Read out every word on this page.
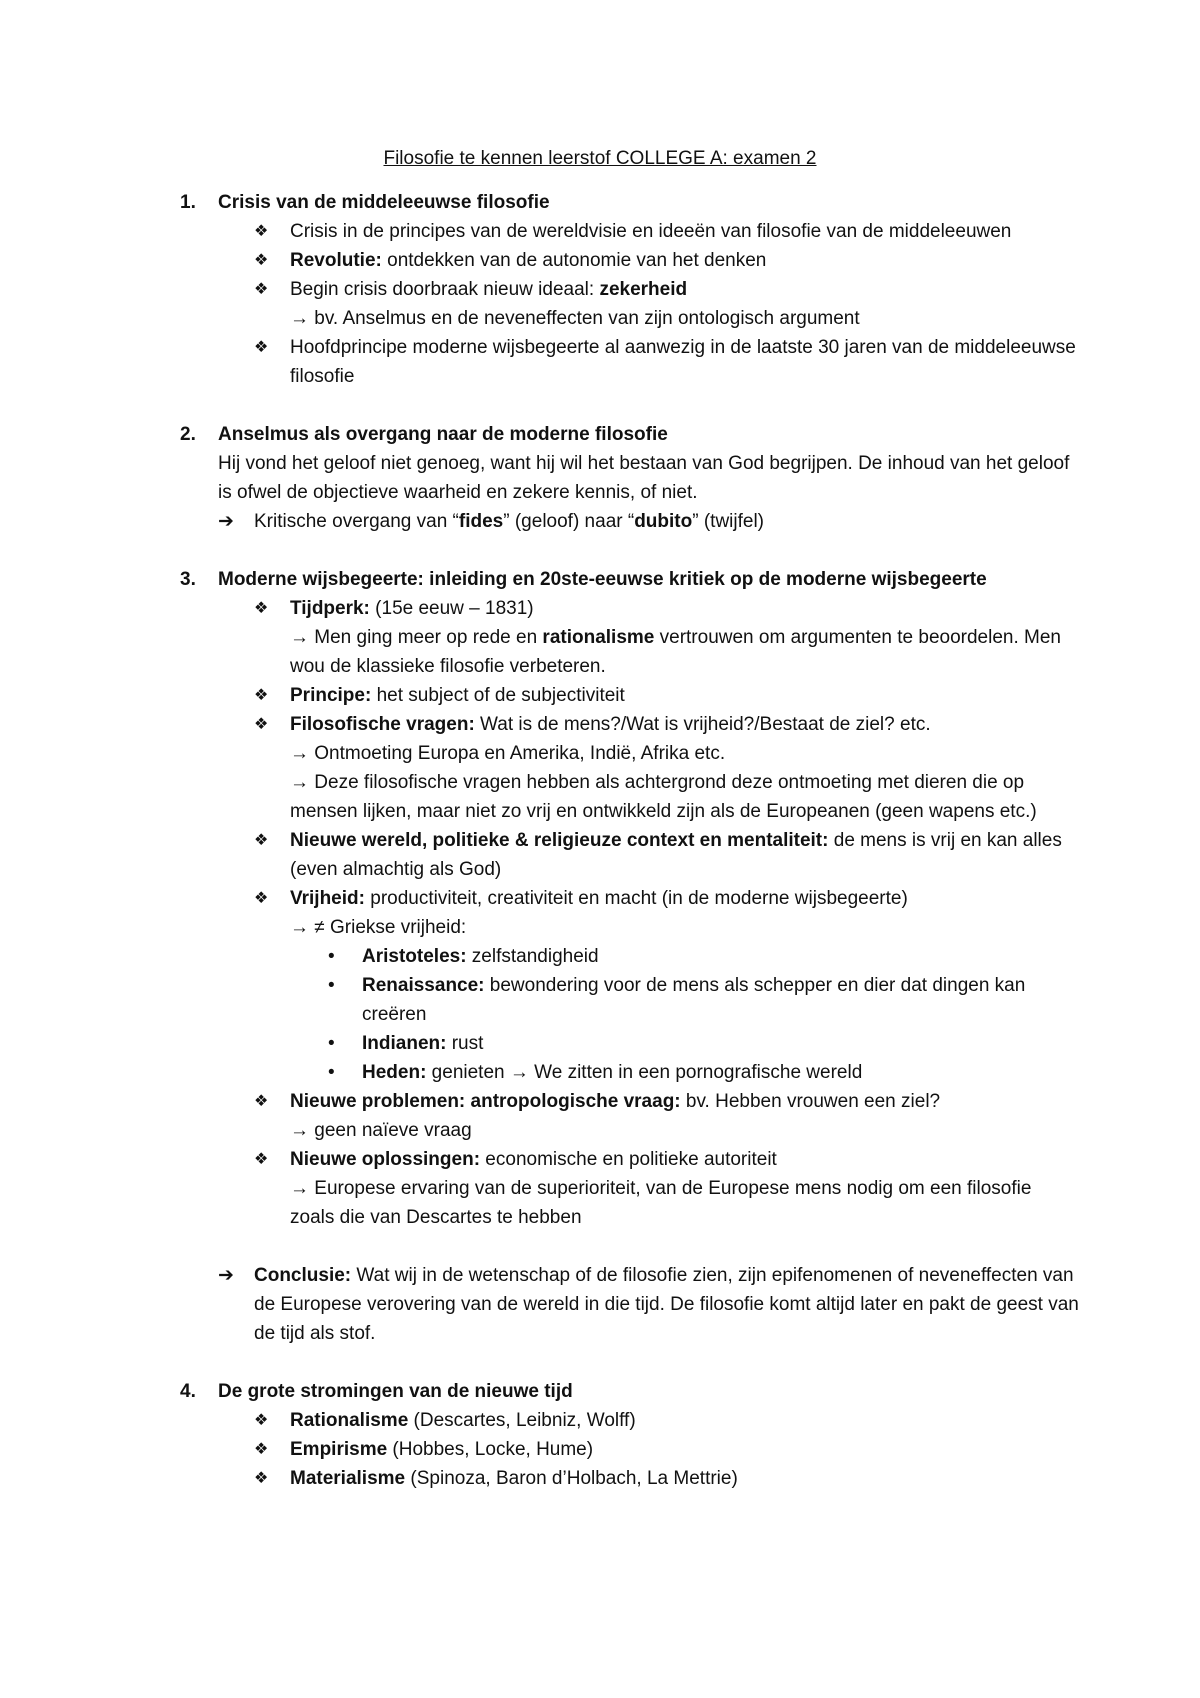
Filosofie te kennen leerstof COLLEGE A: examen 2
1. Crisis van de middeleeuwse filosofie
❖ Crisis in de principes van de wereldvisie en ideeën van filosofie van de middeleeuwen
❖ Revolutie: ontdekken van de autonomie van het denken
❖ Begin crisis doorbraak nieuw ideaal: zekerheid
→ bv. Anselmus en de neveneffecten van zijn ontologisch argument
❖ Hoofdprincipe moderne wijsbegeerte al aanwezig in de laatste 30 jaren van de middeleeuwse filosofie
2. Anselmus als overgang naar de moderne filosofie
Hij vond het geloof niet genoeg, want hij wil het bestaan van God begrijpen. De inhoud van het geloof is ofwel de objectieve waarheid en zekere kennis, of niet.
➔ Kritische overgang van “fides” (geloof) naar “dubito” (twijfel)
3. Moderne wijsbegeerte: inleiding en 20ste-eeuwse kritiek op de moderne wijsbegeerte
❖ Tijdperk: (15e eeuw – 1831)
→ Men ging meer op rede en rationalisme vertrouwen om argumenten te beoordelen. Men wou de klassieke filosofie verbeteren.
❖ Principe: het subject of de subjectiviteit
❖ Filosofische vragen: Wat is de mens?/Wat is vrijheid?/Bestaat de ziel? etc.
→ Ontmoeting Europa en Amerika, Indië, Afrika etc.
→ Deze filosofische vragen hebben als achtergrond deze ontmoeting met dieren die op mensen lijken, maar niet zo vrij en ontwikkeld zijn als de Europeanen (geen wapens etc.)
❖ Nieuwe wereld, politieke & religieuze context en mentaliteit: de mens is vrij en kan alles (even almachtig als God)
❖ Vrijheid: productiviteit, creativiteit en macht (in de moderne wijsbegeerte)
→ ≠ Griekse vrijheid:
• Aristoteles: zelfstandigheid
• Renaissance: bewondering voor de mens als schepper en dier dat dingen kan creëren
• Indianen: rust
• Heden: genieten → We zitten in een pornografische wereld
❖ Nieuwe problemen: antropologische vraag: bv. Hebben vrouwen een ziel?
→ geen naïeve vraag
❖ Nieuwe oplossingen: economische en politieke autoriteit
→ Europese ervaring van de superioriteit, van de Europese mens nodig om een filosofie zoals die van Descartes te hebben
➔ Conclusie: Wat wij in de wetenschap of de filosofie zien, zijn epifenomenen of neveneffecten van de Europese verovering van de wereld in die tijd. De filosofie komt altijd later en pakt de geest van de tijd als stof.
4. De grote stromingen van de nieuwe tijd
❖ Rationalisme (Descartes, Leibniz, Wolff)
❖ Empirisme (Hobbes, Locke, Hume)
❖ Materialisme (Spinoza, Baron d’Holbach, La Mettrie)
